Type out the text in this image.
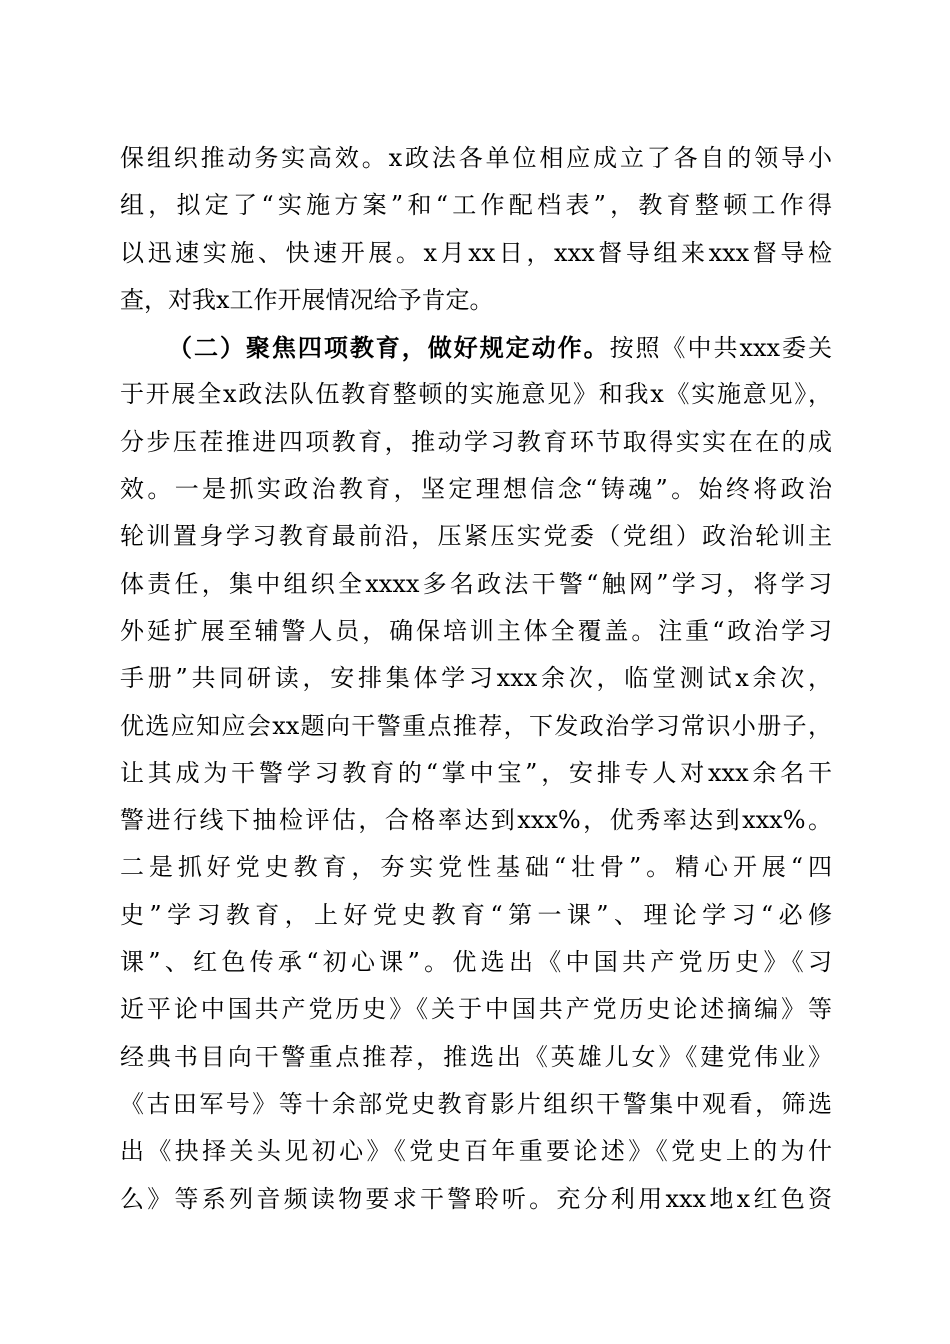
保组织推动务实高效。x政法各单位相应成立了各自的领导小
组，拟定了“实施方案”和“工作配档表”，教育整顿工作得
以迅速实施、快速开展。x月xx日，xxx督导组来xxx督导检
查，对我x工作开展情况给予肯定。
（二）聚焦四项教育，做好规定动作。按照《中共xxx委关
于开展全x政法队伍教育整顿的实施意见》和我x《实施意见》，
分步压茬推进四项教育，推动学习教育环节取得实实在在的成
效。一是抓实政治教育，坚定理想信念“铸魂”。始终将政治
轮训置身学习教育最前沿，压紧压实党委（党组）政治轮训主
体责任，集中组织全xxxx多名政法干警“触网”学习，将学习
外延扩展至辅警人员，确保培训主体全覆盖。注重“政治学习
手册”共同研读，安排集体学习xxx余次，临堂测试x余次，
优选应知应会xx题向干警重点推荐，下发政治学习常识小册子，
让其成为干警学习教育的“掌中宝”，安排专人对xxx余名干
警进行线下抽检评估，合格率达到xxx%，优秀率达到xxx%。
二是抓好党史教育，夯实党性基础“壮骨”。精心开展“四
史”学习教育，上好党史教育“第一课”、理论学习“必修
课”、红色传承“初心课”。优选出《中国共产党历史》《习
近平论中国共产党历史》《关于中国共产党历史论述摘编》等
经典书目向干警重点推荐，推选出《英雄儿女》《建党伟业》
《古田军号》等十余部党史教育影片组织干警集中观看，筛选
出《抉择关头见初心》《党史百年重要论述》《党史上的为什
么》等系列音频读物要求干警聆听。充分利用xxx地x红色资
